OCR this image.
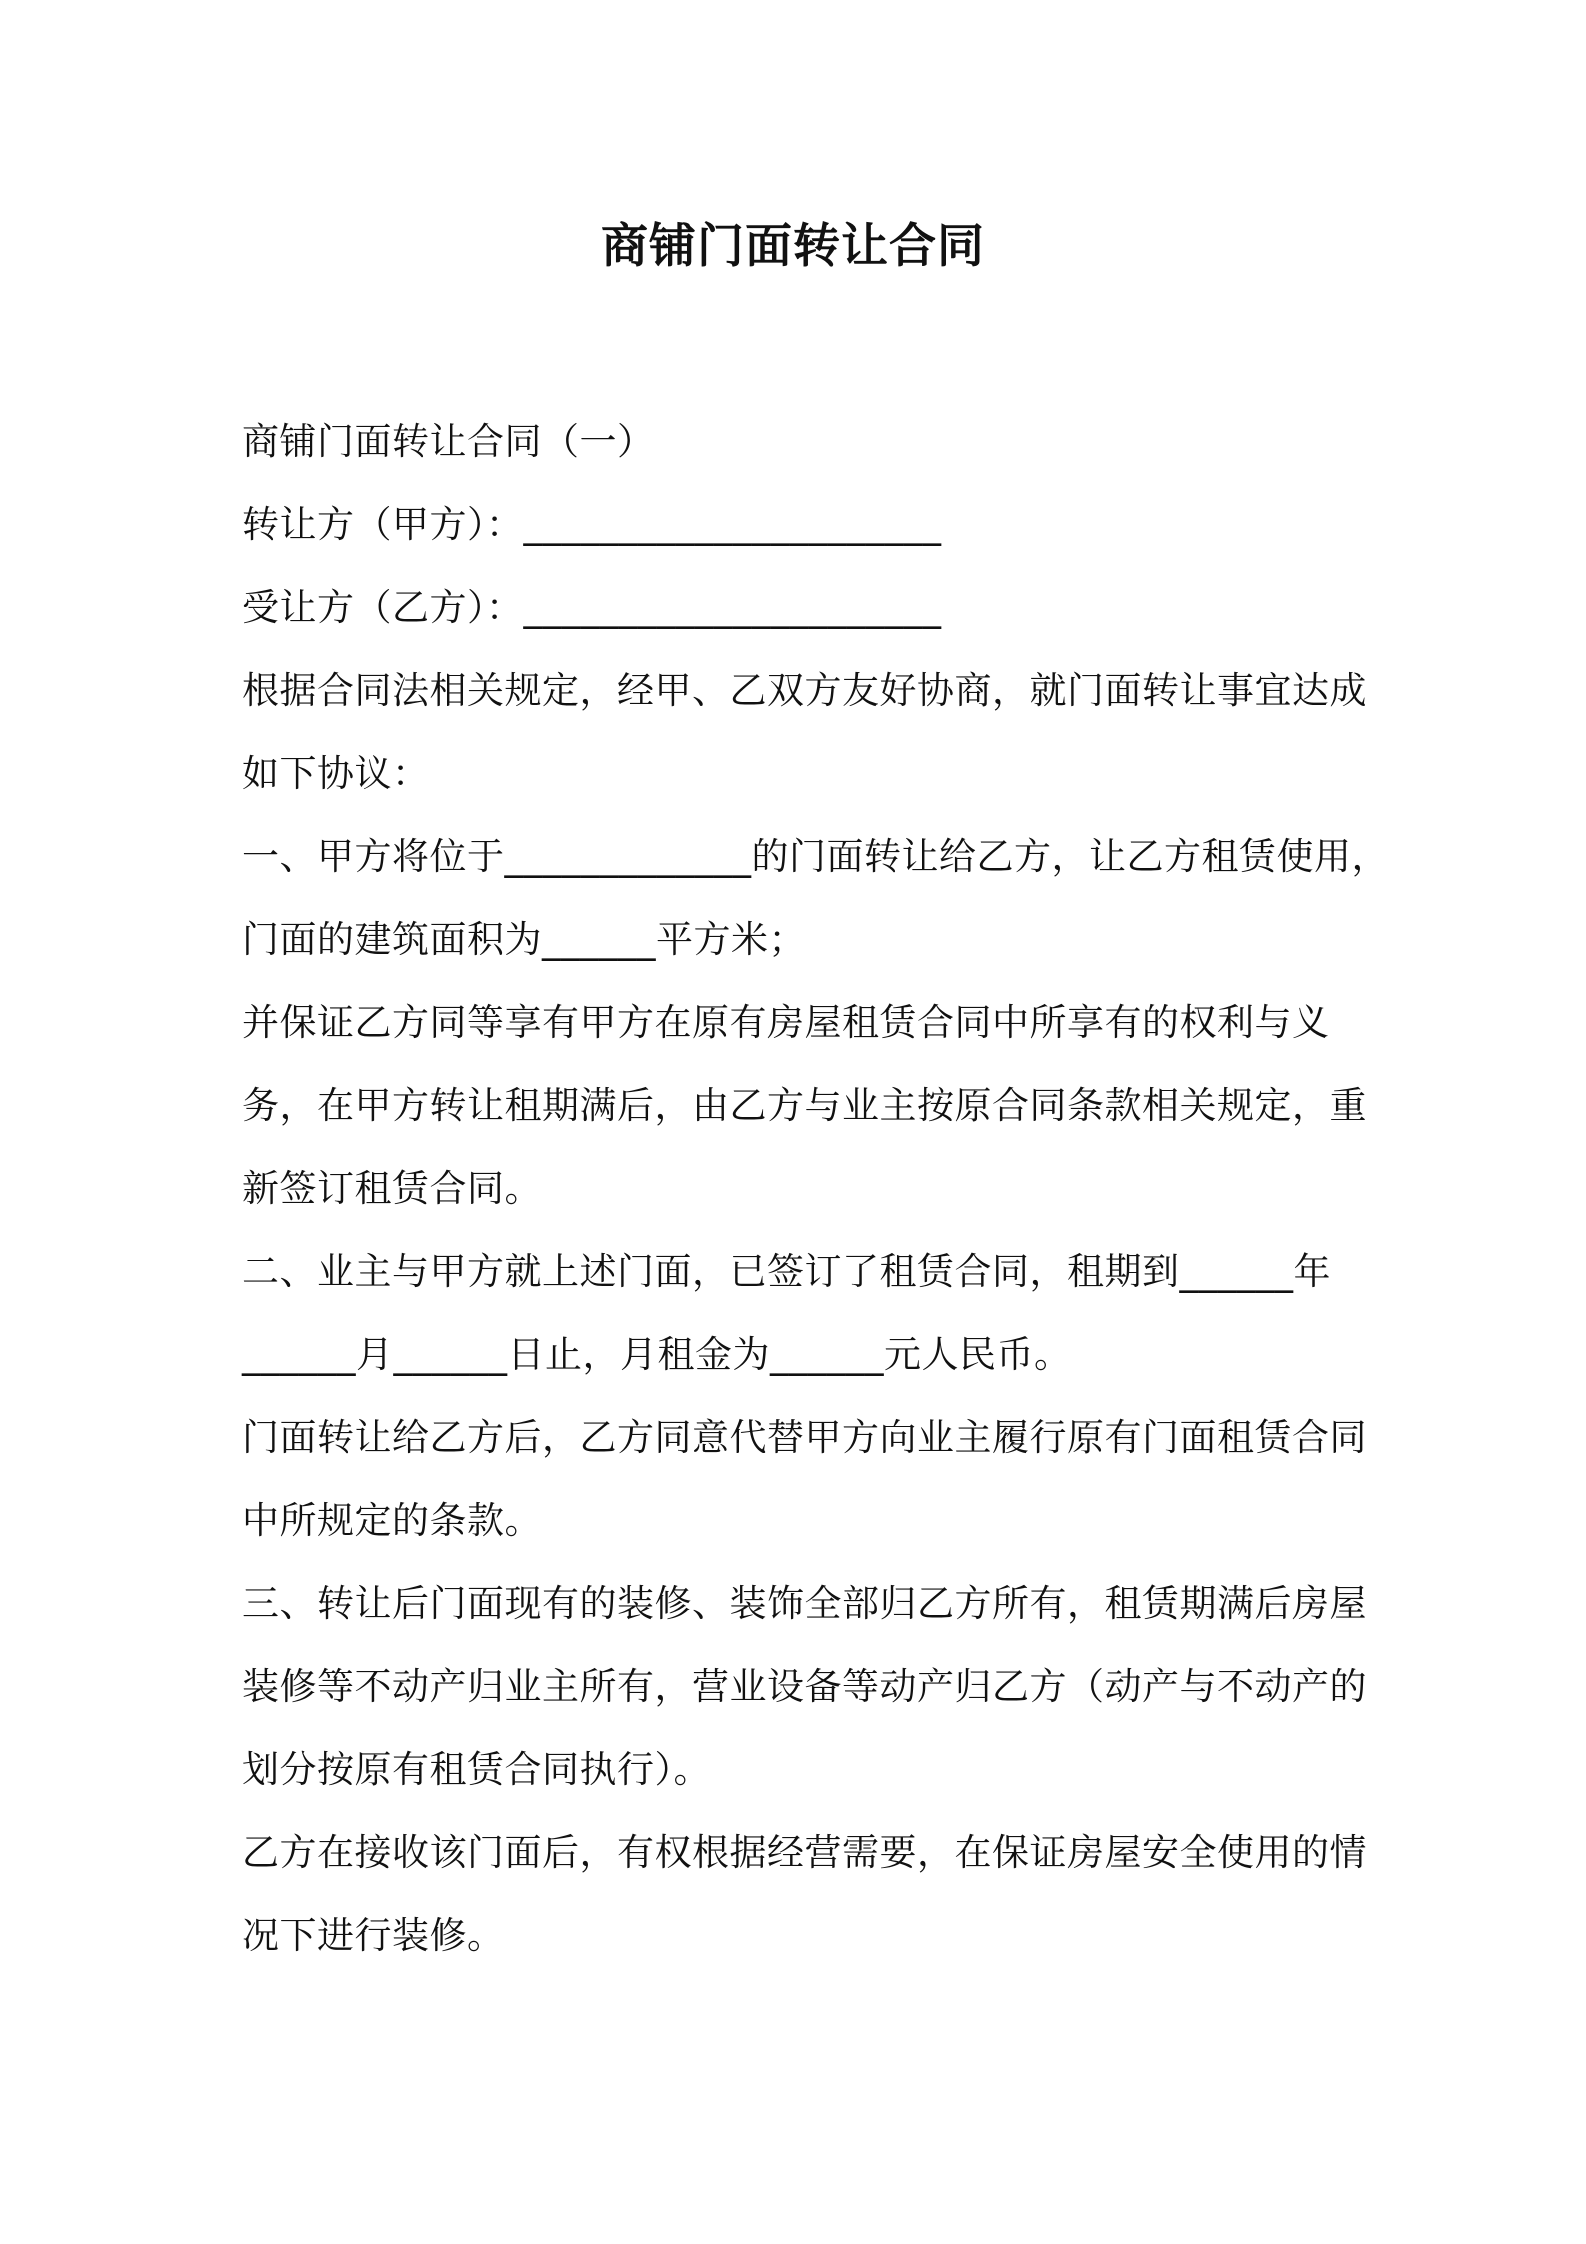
商铺门面转让合同
商铺门面转让合同（一）
转让方（甲方）：______________________
受让方（乙方）：______________________
根据合同法相关规定，经甲、乙双方友好协商，就门面转让事宜达成
如下协议：
一、甲方将位于_____________的门面转让给乙方，让乙方租赁使用，
门面的建筑面积为______平方米；
并保证乙方同等享有甲方在原有房屋租赁合同中所享有的权利与义
务，在甲方转让租期满后，由乙方与业主按原合同条款相关规定，重
新签订租赁合同。
二、业主与甲方就上述门面，已签订了租赁合同，租期到______年
______月______日止，月租金为______元人民币。
门面转让给乙方后，乙方同意代替甲方向业主履行原有门面租赁合同
中所规定的条款。
三、转让后门面现有的装修、装饰全部归乙方所有，租赁期满后房屋
装修等不动产归业主所有，营业设备等动产归乙方（动产与不动产的
划分按原有租赁合同执行）。
乙方在接收该门面后，有权根据经营需要，在保证房屋安全使用的情
况下进行装修。
